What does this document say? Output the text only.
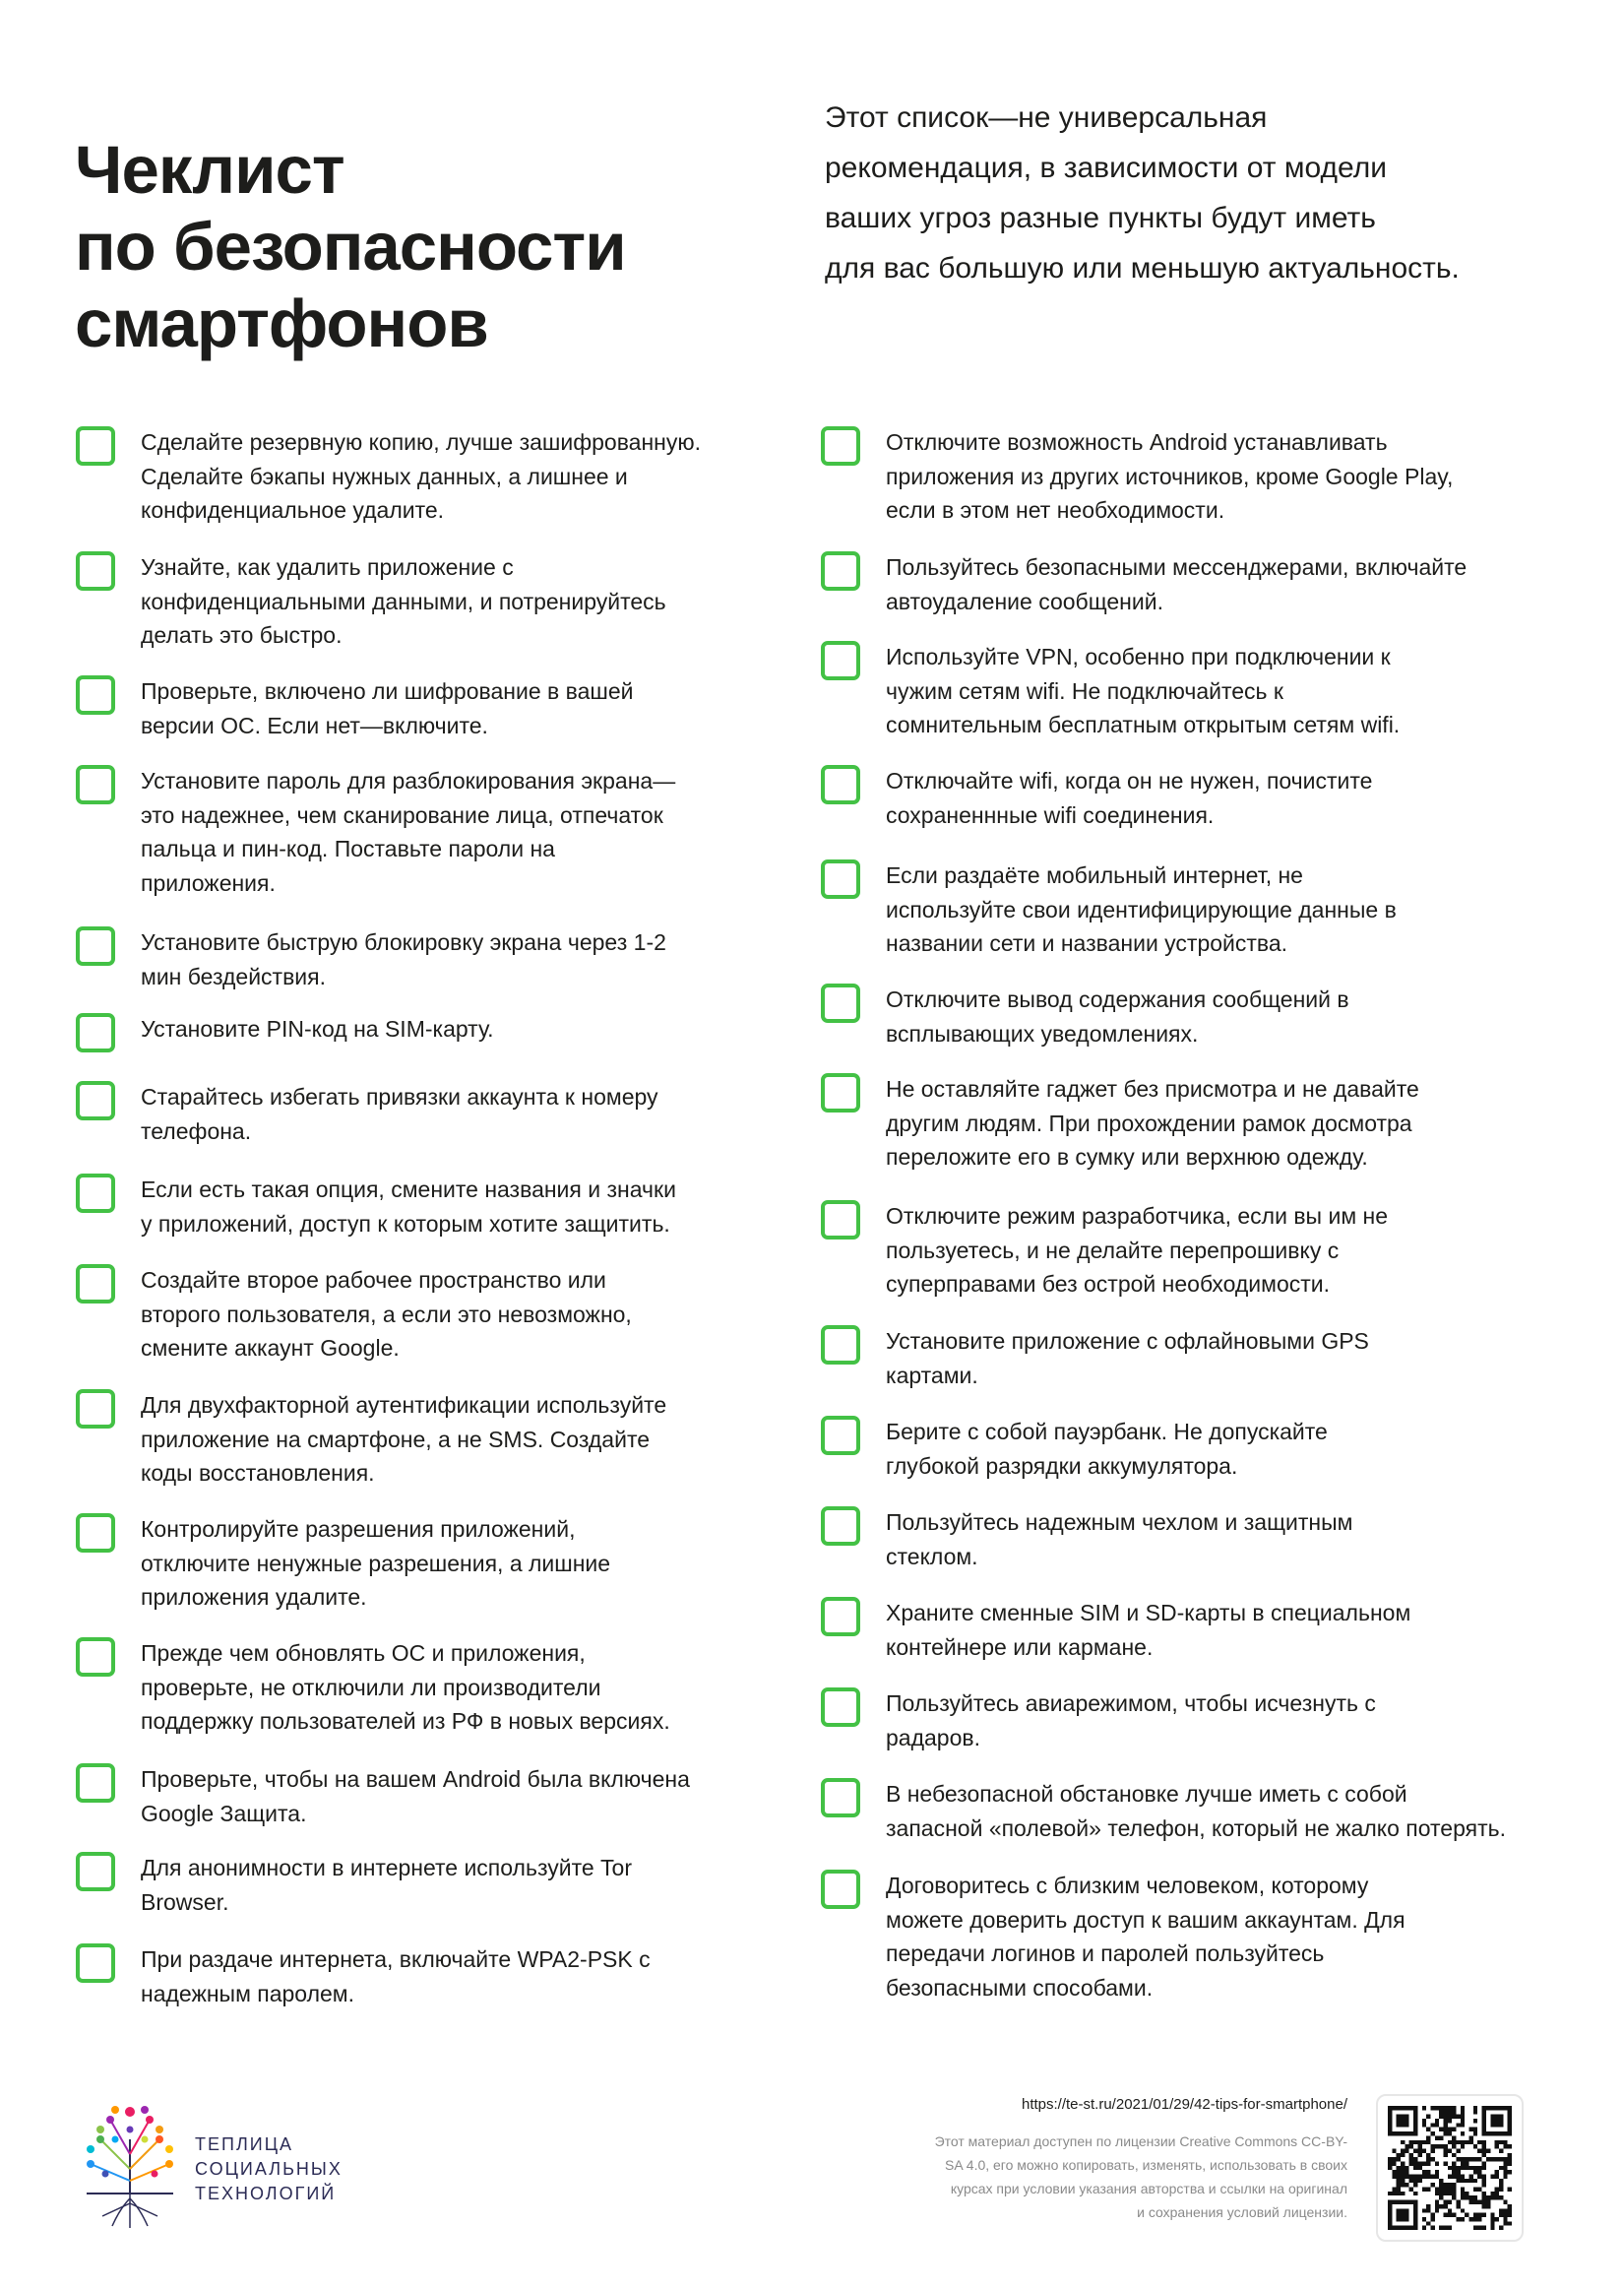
Чеклист
по безопасности
смартфонов
Этот список—не универсальная
рекомендация, в зависимости от модели
ваших угроз разные пункты будут иметь
для вас большую или меньшую актуальность.
Сделайте резервную копию, лучше зашифрованную.
Сделайте бэкапы нужных данных, а лишнее и
конфиденциальное удалите.
Узнайте, как удалить приложение с
конфиденциальными данными, и потренируйтесь
делать это быстро.
Проверьте, включено ли шифрование в вашей
версии ОС. Если нет—включите.
Установите пароль для разблокирования экрана—
это надежнее, чем сканирование лица, отпечаток
пальца и пин-код. Поставьте пароли на
приложения.
Установите быструю блокировку экрана через 1-2
мин бездействия.
Установите PIN-код на SIM-карту.
Старайтесь избегать привязки аккаунта к номеру
телефона.
Если есть такая опция, смените названия и значки
у приложений, доступ к которым хотите защитить.
Создайте второе рабочее пространство или
второго пользователя, а если это невозможно,
смените аккаунт Google.
Для двухфакторной аутентификации используйте
приложение на смартфоне, а не SMS. Создайте
коды восстановления.
Контролируйте разрешения приложений,
отключите ненужные разрешения, а лишние
приложения удалите.
Прежде чем обновлять ОС и приложения,
проверьте, не отключили ли производители
поддержку пользователей из РФ в новых версиях.
Проверьте, чтобы на вашем Android была включена
Google Защита.
Для анонимности в интернете используйте Tor
Browser.
При раздаче интернета, включайте WPA2-PSK с
надежным паролем.
Отключите возможность Android устанавливать
приложения из других источников, кроме Google Play,
если в этом нет необходимости.
Пользуйтесь безопасными мессенджерами, включайте
автоудаление сообщений.
Используйте VPN, особенно при подключении к
чужим сетям wifi. Не подключайтесь к
сомнительным бесплатным открытым сетям wifi.
Отключайте wifi, когда он не нужен, почистите
сохраненнные wifi соединения.
Если раздаёте мобильный интернет, не
используйте свои идентифицирующие данные в
названии сети и названии устройства.
Отключите вывод содержания сообщений в
всплывающих уведомлениях.
Не оставляйте гаджет без присмотра и не давайте
другим людям. При прохождении рамок досмотра
переложите его в сумку или верхнюю одежду.
Отключите режим разработчика, если вы им не
пользуетесь, и не делайте перепрошивку с
суперправами без острой необходимости.
Установите приложение с офлайновыми GPS
картами.
Берите с собой пауэрбанк. Не допускайте
глубокой разрядки аккумулятора.
Пользуйтесь надежным чехлом и защитным
стеклом.
Храните сменные SIM и SD-карты в специальном
контейнере или кармане.
Пользуйтесь авиарежимом, чтобы исчезнуть с
радаров.
В небезопасной обстановке лучше иметь с собой
запасной «полевой» телефон, который не жалко потерять.
Договоритесь с близким человеком, которому
можете доверить доступ к вашим аккаунтам. Для
передачи логинов и паролей пользуйтесь
безопасными способами.
ТЕПЛИЦА
СОЦИАЛЬНЫХ
ТЕХНОЛОГИЙ
https://te-st.ru/2021/01/29/42-tips-for-smartphone/
Этот материал доступен по лицензии Creative Commons CC-BY-
SA 4.0, его можно копировать, изменять, использовать в своих
курсах при условии указания авторства и ссылки на оригинал
и сохранения условий лицензии.
